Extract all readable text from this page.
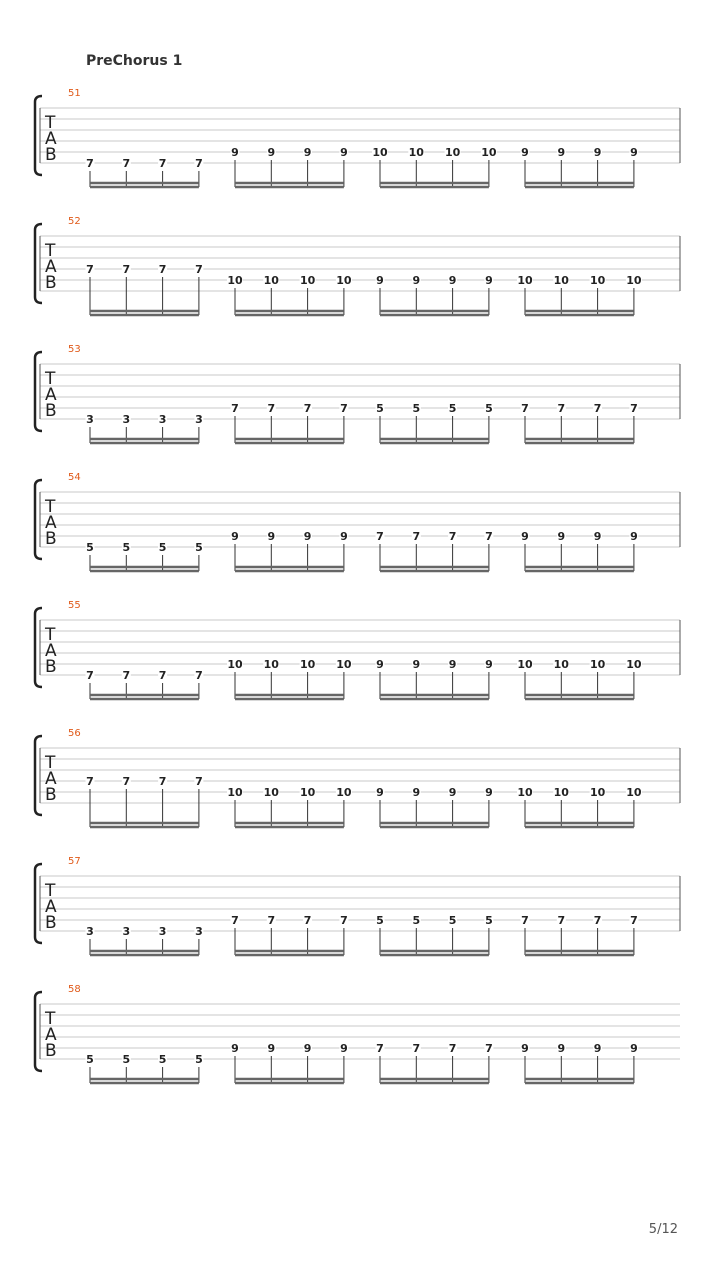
PreChorus 1
51
T
A
B	7	7	7	7
9	9	9	9 10 10 10 10 9	9	9	9
52
T
A
B
7	7	7	7
10 10 10 10 9	9	9	9 10 10 10 10
53
T
A
B	3	3	3	3
7	7	7	7	5	5	5	5	7	7	7	7
54
T
A
B	5	5	5	5
9	9	9	9	7	7	7	7	9	9	9	9
55
T
A
B	7	7	7	7
10 10 10 10 9	9	9	9 10 10 10 10
56
T
A
B
7	7	7	7
10 10 10 10 9	9	9	9 10 10 10 10
57
T
A
B	3	3	3	3
7	7	7	7	5	5	5	5	7	7	7	7
58
T
A
B	5	5	5	5
9	9	9	9	7	7	7	7	9	9	9	9
5/12
